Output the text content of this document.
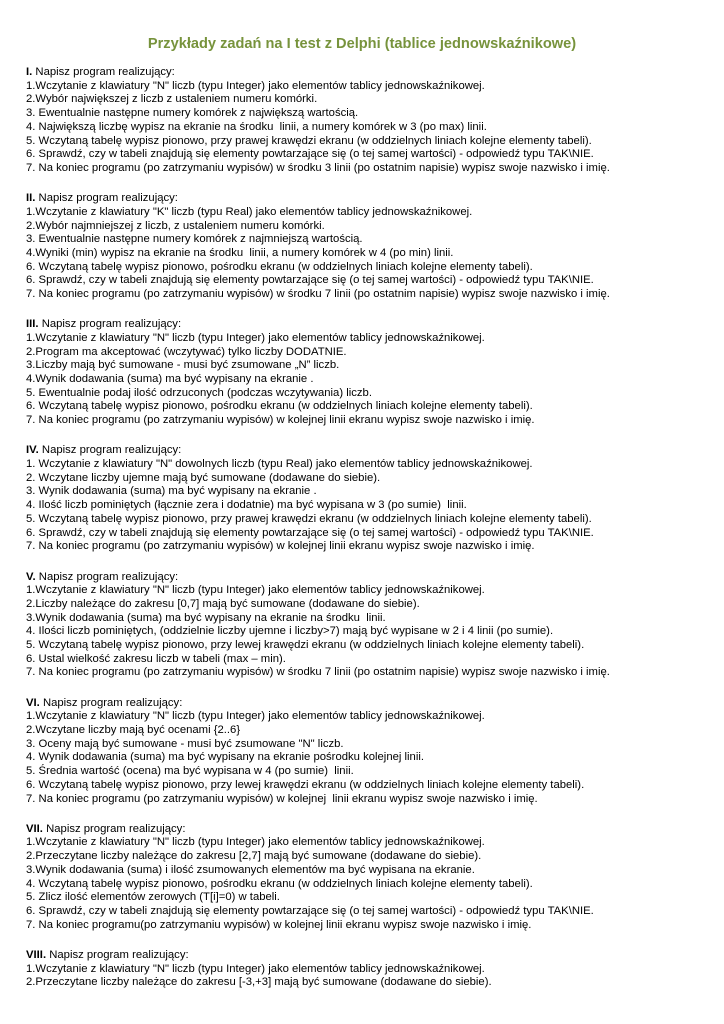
Przykłady zadań na I test z Delphi (tablice jednowskaźnikowe)
I. Napisz program realizujący:
1.Wczytanie z klawiatury "N" liczb (typu Integer) jako elementów tablicy jednowskaźnikowej.
2.Wybór największej z liczb z ustaleniem numeru komórki.
3. Ewentualnie następne numery komórek z największą wartością.
4. Największą liczbę wypisz na ekranie na środku  linii, a numery komórek w 3 (po max) linii.
5. Wczytaną tabelę wypisz pionowo, przy prawej krawędzi ekranu (w oddzielnych liniach kolejne elementy tabeli).
6. Sprawdź, czy w tabeli znajdują się elementy powtarzające się (o tej samej wartości) - odpowiedź typu TAK\NIE.
7. Na koniec programu (po zatrzymaniu wypisów) w środku 3 linii (po ostatnim napisie) wypisz swoje nazwisko i imię.
II. Napisz program realizujący:
1.Wczytanie z klawiatury "K" liczb (typu Real) jako elementów tablicy jednowskaźnikowej.
2.Wybór najmniejszej z liczb, z ustaleniem numeru komórki.
3. Ewentualnie następne numery komórek z najmniejszą wartością.
4.Wyniki (min) wypisz na ekranie na środku  linii, a numery komórek w 4 (po min) linii.
6. Wczytaną tabelę wypisz pionowo, pośrodku ekranu (w oddzielnych liniach kolejne elementy tabeli).
6. Sprawdź, czy w tabeli znajdują się elementy powtarzające się (o tej samej wartości) - odpowiedź typu TAK\NIE.
7. Na koniec programu (po zatrzymaniu wypisów) w środku 7 linii (po ostatnim napisie) wypisz swoje nazwisko i imię.
III. Napisz program realizujący:
1.Wczytanie z klawiatury "N" liczb (typu Integer) jako elementów tablicy jednowskaźnikowej.
2.Program ma akceptować (wczytywać) tylko liczby DODATNIE.
3.Liczby mają być sumowane - musi być zsumowane „N” liczb.
4.Wynik dodawania (suma) ma być wypisany na ekranie .
5. Ewentualnie podaj ilość odrzuconych (podczas wczytywania) liczb.
6. Wczytaną tabelę wypisz pionowo, pośrodku ekranu (w oddzielnych liniach kolejne elementy tabeli).
7. Na koniec programu (po zatrzymaniu wypisów) w kolejnej linii ekranu wypisz swoje nazwisko i imię.
IV. Napisz program realizujący:
1. Wczytanie z klawiatury "N" dowolnych liczb (typu Real) jako elementów tablicy jednowskaźnikowej.
2. Wczytane liczby ujemne mają być sumowane (dodawane do siebie).
3. Wynik dodawania (suma) ma być wypisany na ekranie .
4. Ilość liczb pominiętych (łącznie zera i dodatnie) ma być wypisana w 3 (po sumie)  linii.
5. Wczytaną tabelę wypisz pionowo, przy prawej krawędzi ekranu (w oddzielnych liniach kolejne elementy tabeli).
6. Sprawdź, czy w tabeli znajdują się elementy powtarzające się (o tej samej wartości) - odpowiedź typu TAK\NIE.
7. Na koniec programu (po zatrzymaniu wypisów) w kolejnej linii ekranu wypisz swoje nazwisko i imię.
V. Napisz program realizujący:
1.Wczytanie z klawiatury "N" liczb (typu Integer) jako elementów tablicy jednowskaźnikowej.
2.Liczby należące do zakresu [0,7] mają być sumowane (dodawane do siebie).
3.Wynik dodawania (suma) ma być wypisany na ekranie na środku  linii.
4. Ilości liczb pominiętych, (oddzielnie liczby ujemne i liczby>7) mają być wypisane w 2 i 4 linii (po sumie).
5. Wczytaną tabelę wypisz pionowo, przy lewej krawędzi ekranu (w oddzielnych liniach kolejne elementy tabeli).
6. Ustal wielkość zakresu liczb w tabeli (max – min).
7. Na koniec programu (po zatrzymaniu wypisów) w środku 7 linii (po ostatnim napisie) wypisz swoje nazwisko i imię.
VI. Napisz program realizujący:
1.Wczytanie z klawiatury "N" liczb (typu Integer) jako elementów tablicy jednowskaźnikowej.
2.Wczytane liczby mają być ocenami {2..6}
3. Oceny mają być sumowane - musi być zsumowane "N" liczb.
4. Wynik dodawania (suma) ma być wypisany na ekranie pośrodku kolejnej linii.
5. Średnia wartość (ocena) ma być wypisana w 4 (po sumie)  linii.
6. Wczytaną tabelę wypisz pionowo, przy lewej krawędzi ekranu (w oddzielnych liniach kolejne elementy tabeli).
7. Na koniec programu (po zatrzymaniu wypisów) w kolejnej  linii ekranu wypisz swoje nazwisko i imię.
VII. Napisz program realizujący:
1.Wczytanie z klawiatury "N" liczb (typu Integer) jako elementów tablicy jednowskaźnikowej.
2.Przeczytane liczby należące do zakresu [2,7] mają być sumowane (dodawane do siebie).
3.Wynik dodawania (suma) i ilość zsumowanych elementów ma być wypisana na ekranie.
4. Wczytaną tabelę wypisz pionowo, pośrodku ekranu (w oddzielnych liniach kolejne elementy tabeli).
5. Zlicz ilość elementów zerowych (T[i]=0) w tabeli.
6. Sprawdź, czy w tabeli znajdują się elementy powtarzające się (o tej samej wartości) - odpowiedź typu TAK\NIE.
7. Na koniec programu(po zatrzymaniu wypisów) w kolejnej linii ekranu wypisz swoje nazwisko i imię.
VIII. Napisz program realizujący:
1.Wczytanie z klawiatury "N" liczb (typu Integer) jako elementów tablicy jednowskaźnikowej.
2.Przeczytane liczby należące do zakresu [-3,+3] mają być sumowane (dodawane do siebie).
